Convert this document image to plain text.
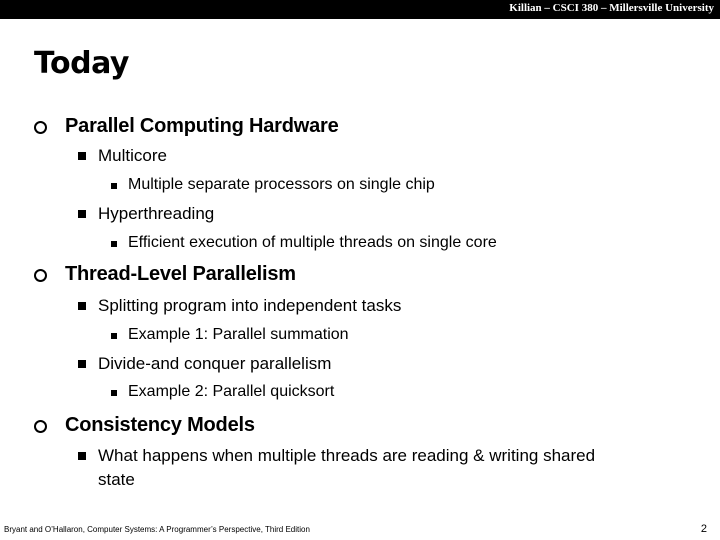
Killian – CSCI 380 – Millersville University
Today
Parallel Computing Hardware
Multicore
Multiple separate processors on single chip
Hyperthreading
Efficient execution of multiple threads on single core
Thread-Level Parallelism
Splitting program into independent tasks
Example 1: Parallel summation
Divide-and conquer parallelism
Example 2: Parallel quicksort
Consistency Models
What happens when multiple threads are reading & writing shared
state
Bryant and O’Hallaron, Computer Systems: A Programmer’s Perspective, Third Edition	2
